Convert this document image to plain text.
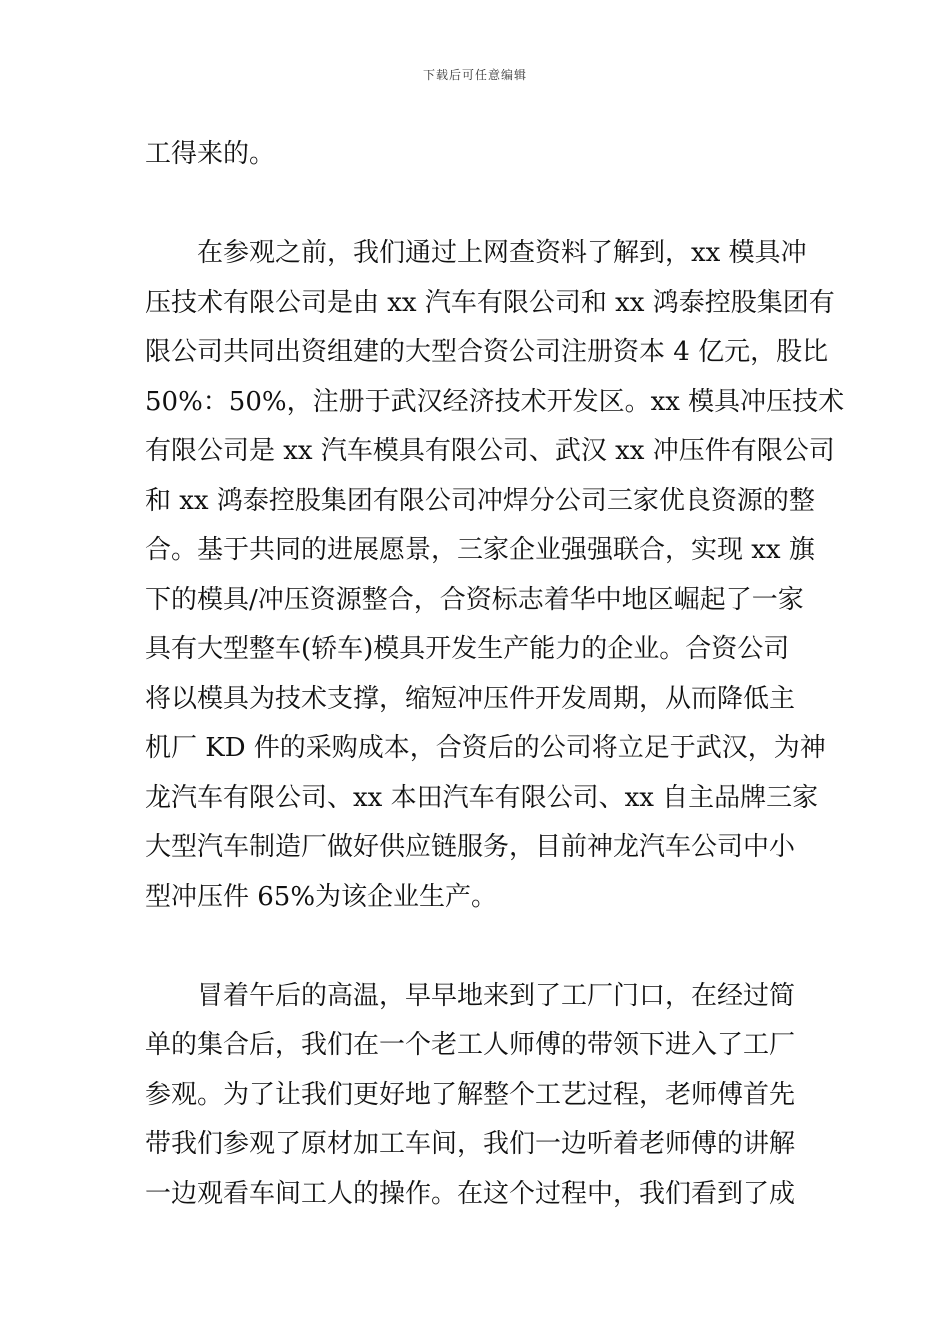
下载后可任意编辑

工得来的。

　　在参观之前，我们通过上网查资料了解到，xx 模具冲
压技术有限公司是由 xx 汽车有限公司和 xx 鸿泰控股集团有
限公司共同出资组建的大型合资公司注册资本 4 亿元，股比
50%：50%，注册于武汉经济技术开发区。xx 模具冲压技术
有限公司是 xx 汽车模具有限公司、武汉 xx 冲压件有限公司
和 xx 鸿泰控股集团有限公司冲焊分公司三家优良资源的整
合。基于共同的进展愿景，三家企业强强联合，实现 xx 旗
下的模具/冲压资源整合，合资标志着华中地区崛起了一家
具有大型整车(轿车)模具开发生产能力的企业。合资公司
将以模具为技术支撑，缩短冲压件开发周期，从而降低主
机厂 KD 件的采购成本，合资后的公司将立足于武汉，为神
龙汽车有限公司、xx 本田汽车有限公司、xx 自主品牌三家
大型汽车制造厂做好供应链服务，目前神龙汽车公司中小
型冲压件 65%为该企业生产。

　　冒着午后的高温，早早地来到了工厂门口，在经过简
单的集合后，我们在一个老工人师傅的带领下进入了工厂
参观。为了让我们更好地了解整个工艺过程，老师傅首先
带我们参观了原材加工车间，我们一边听着老师傅的讲解
一边观看车间工人的操作。在这个过程中，我们看到了成
